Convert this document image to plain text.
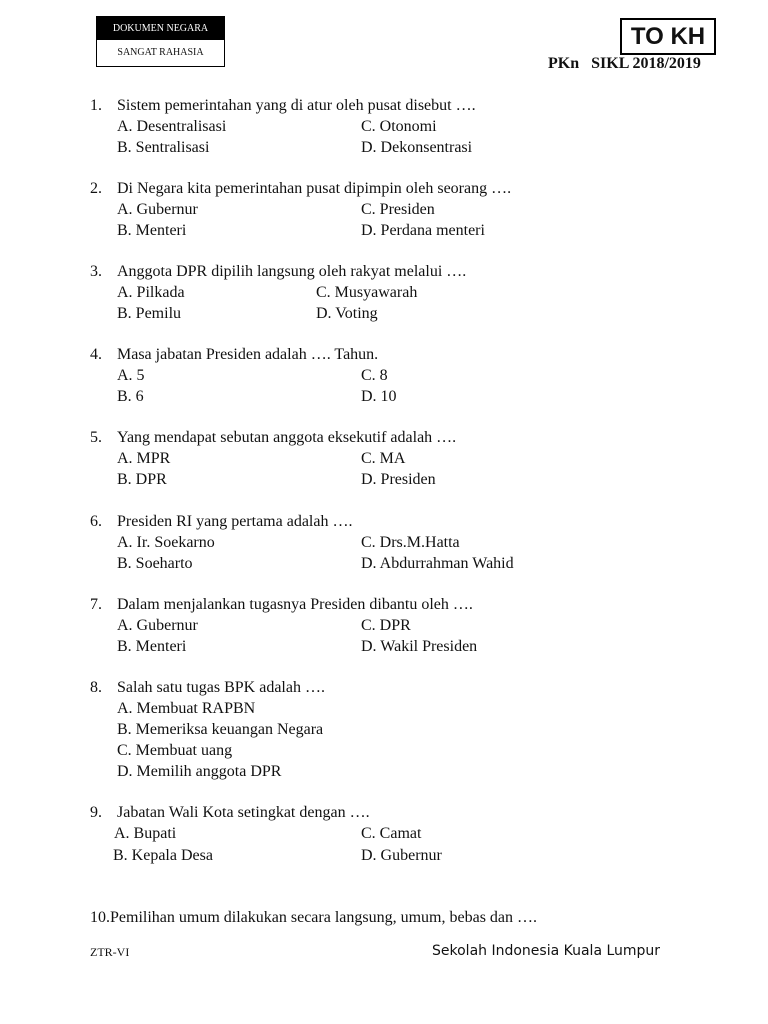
DOKUMEN NEGARA
SANGAT RAHASIA
TO KH
PKn   SIKL 2018/2019
1. Sistem pemerintahan yang di atur oleh pusat disebut ….
A. Desentralisasi	C. Otonomi
B. Sentralisasi	D. Dekonsentrasi
2. Di Negara kita pemerintahan pusat dipimpin oleh seorang ….
A. Gubernur	C. Presiden
B. Menteri	D. Perdana menteri
3. Anggota DPR dipilih langsung oleh rakyat melalui ….
A. Pilkada	C. Musyawarah
B. Pemilu	D. Voting
4. Masa jabatan Presiden adalah …. Tahun.
A. 5	C. 8
B. 6	D. 10
5. Yang mendapat sebutan anggota eksekutif adalah ….
A. MPR	C. MA
B. DPR	D. Presiden
6. Presiden RI yang pertama adalah ….
A. Ir. Soekarno	C. Drs.M.Hatta
B. Soeharto	D. Abdurrahman Wahid
7. Dalam menjalankan tugasnya Presiden dibantu oleh ….
A. Gubernur	C. DPR
B. Menteri	D. Wakil Presiden
8. Salah satu tugas BPK adalah ….
A. Membuat RAPBN
B. Memeriksa keuangan Negara
C. Membuat uang
D. Memilih anggota DPR
9. Jabatan Wali Kota setingkat dengan ….
A. Bupati	C. Camat
B. Kepala Desa	D. Gubernur
10.Pemilihan umum dilakukan secara langsung, umum, bebas dan ….
ZTR-VI	Sekolah Indonesia Kuala Lumpur
